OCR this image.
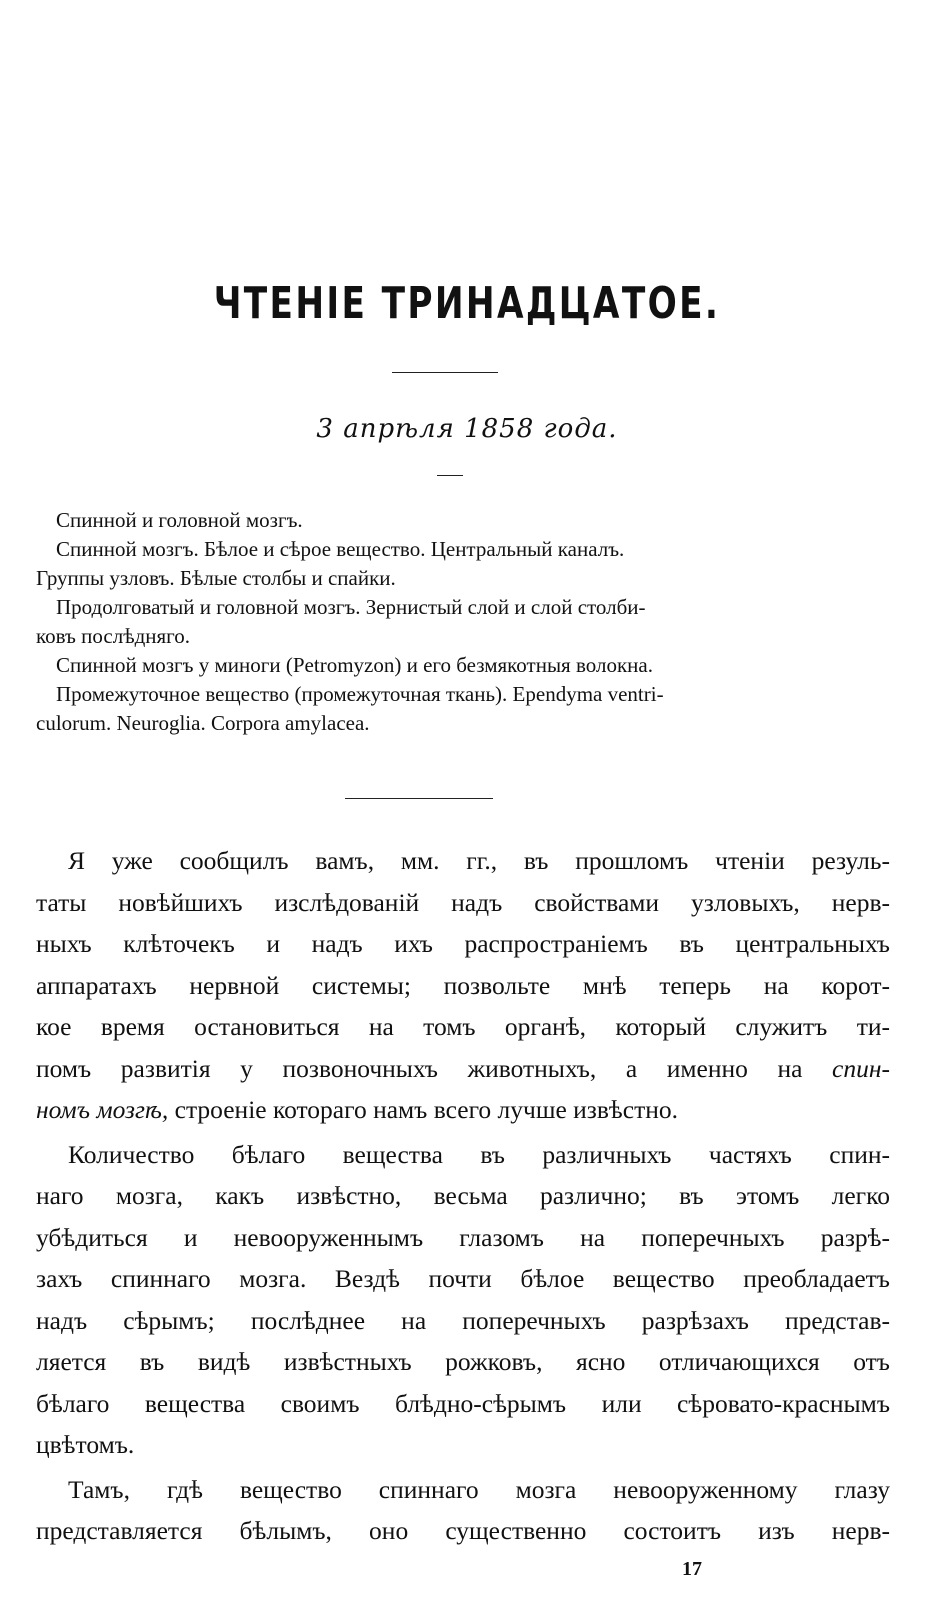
ЧТЕНІЕ ТРИНАДЦАТОЕ.
3 апрѣля 1858 года.
Спинной и головной мозгъ.
Спинной мозгъ. Бѣлое и сѣрое вещество. Центральный каналъ.
Группы узловъ. Бѣлые столбы и спайки.
Продолговатый и головной мозгъ. Зернистый слой и слой столби-
ковъ послѣдняго.
Спинной мозгъ у миноги (Petromyzon) и его безмякотныя волокна.
Промежуточное вещество (промежуточная ткань). Ependyma ventri-
culorum. Neuroglia. Corpora amylacea.
Я уже сообщилъ вамъ, мм. гг., въ прошломъ чтеніи резуль-
таты новѣйшихъ изслѣдованій надъ свойствами узловыхъ, нерв-
ныхъ клѣточекъ и надъ ихъ распространіемъ въ центральныхъ
аппаратахъ нервной системы; позвольте мнѣ теперь на корот-
кое время остановиться на томъ органѣ, который служитъ ти-
помъ развитія у позвоночныхъ животныхъ, а именно на спин-
номъ мозгѣ, строеніе котораго намъ всего лучше извѣстно.
Количество бѣлаго вещества въ различныхъ частяхъ спин-
наго мозга, какъ извѣстно, весьма различно; въ этомъ легко
убѣдиться и невооруженнымъ глазомъ на поперечныхъ разрѣ-
захъ спиннаго мозга. Вездѣ почти бѣлое вещество преобладаетъ
надъ сѣрымъ; послѣднее на поперечныхъ разрѣзахъ представ-
ляется въ видѣ извѣстныхъ рожковъ, ясно отличающихся отъ
бѣлаго вещества своимъ блѣдно-сѣрымъ или сѣровато-краснымъ
цвѣтомъ.
Тамъ, гдѣ вещество спиннаго мозга невооруженному глазу
представляется бѣлымъ, оно существенно состоитъ изъ нерв-
17
